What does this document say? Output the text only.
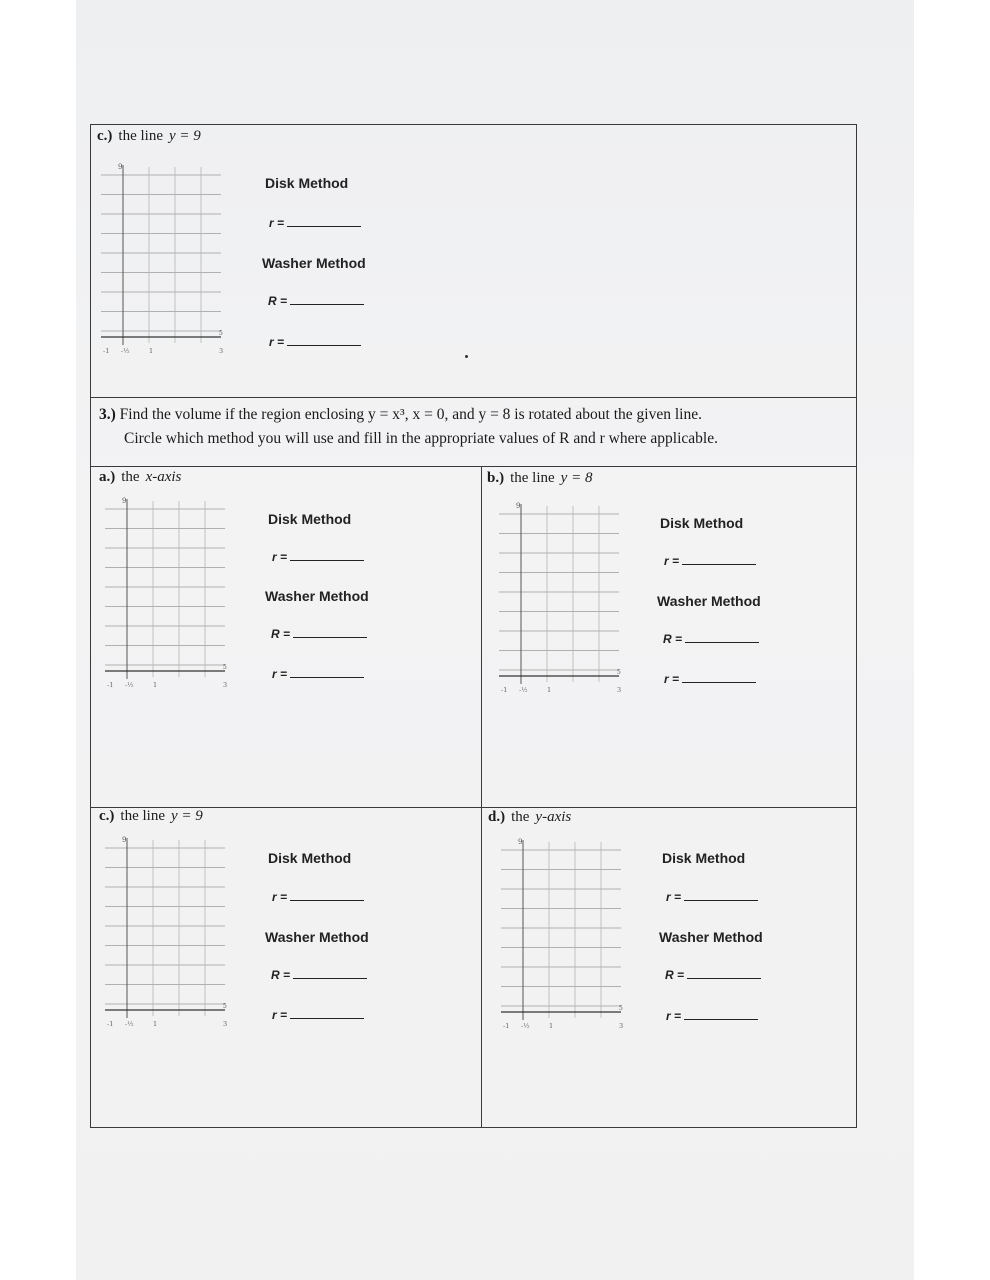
c.) the line y = 9
9
5
-1 -½	1	3
Disk Method
r =
Washer Method
R =
r =
3.) Find the volume if the region enclosing y = x³, x = 0, and y = 8 is rotated about the given line.
Circle which method you will use and fill in the appropriate values of R and r where applicable.
a.) the x-axis
9
5
-1 -½	1	3
Disk Method
r =
Washer Method
R =
r =
b.) the line y = 8
9
5
-1 -½	1	3
Disk Method
r =
Washer Method
R =
r =
c.) the line y = 9
9
5
-1 -½	1	3
Disk Method
r =
Washer Method
R =
r =
d.) the y-axis
9
5
-1 -½	1	3
Disk Method
r =
Washer Method
R =
r =
